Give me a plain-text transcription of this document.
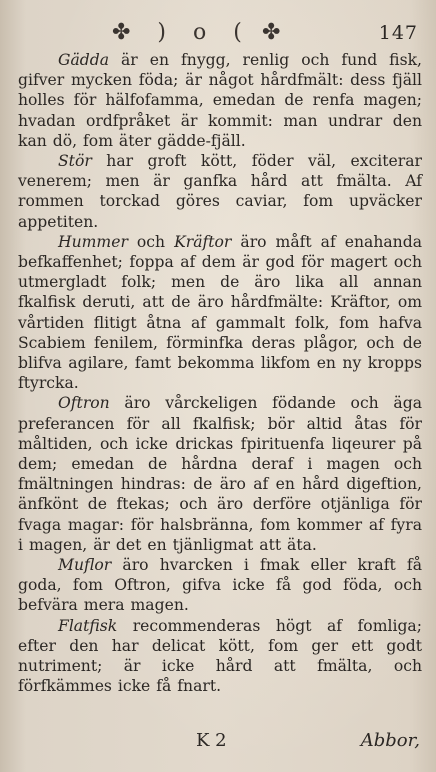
✤ ) o ( ✤	147

Gädda är en fnygg, renlig och fund fisk, gifver mycken föda; är något hårdfmält: dess fjäll holles för hälfofamma, emedan de renfa magen; hvadan ordfpråket är kommit: man undrar den kan dö, fom äter gädde-fjäll.

Stör har groft kött, föder väl, exciterar venerem; men är ganfka hård att fmälta. Af rommen torckad göres caviar, fom upväcker appetiten.

Hummer och Kräftor äro måft af enahanda befkaffenhet; foppa af dem är god för magert och utmergladt folk; men de äro lika all annan fkalfisk deruti, att de äro hårdfmälte: Kräftor, om vårtiden flitigt åtna af gammalt folk, fom hafva Scabiem fenilem, förminfka deras plågor, och de blifva agilare, famt bekomma likfom en ny kropps ftyrcka.

Oftron äro vårckeligen födande och äga preferancen för all fkalfisk; bör altid åtas för måltiden, och icke drickas fpirituenfa liqeurer på dem; emedan de hårdna deraf i magen och fmältningen hindras: de äro af en hård digeftion, änfkönt de ftekas; och äro derföre otjänliga för fvaga magar: för halsbränna, fom kommer af fyra i magen, är det en tjänligmat att äta.

Muflor äro hvarcken i fmak eller kraft få goda, fom Oftron, gifva icke få god föda, och befvära mera magen.

Flatfisk recommenderas högt af fomliga; efter den har delicat kött, fom ger ett godt nutriment; är icke hård att fmälta, och förfkämmes icke få fnart.

K 2	Abbor,
